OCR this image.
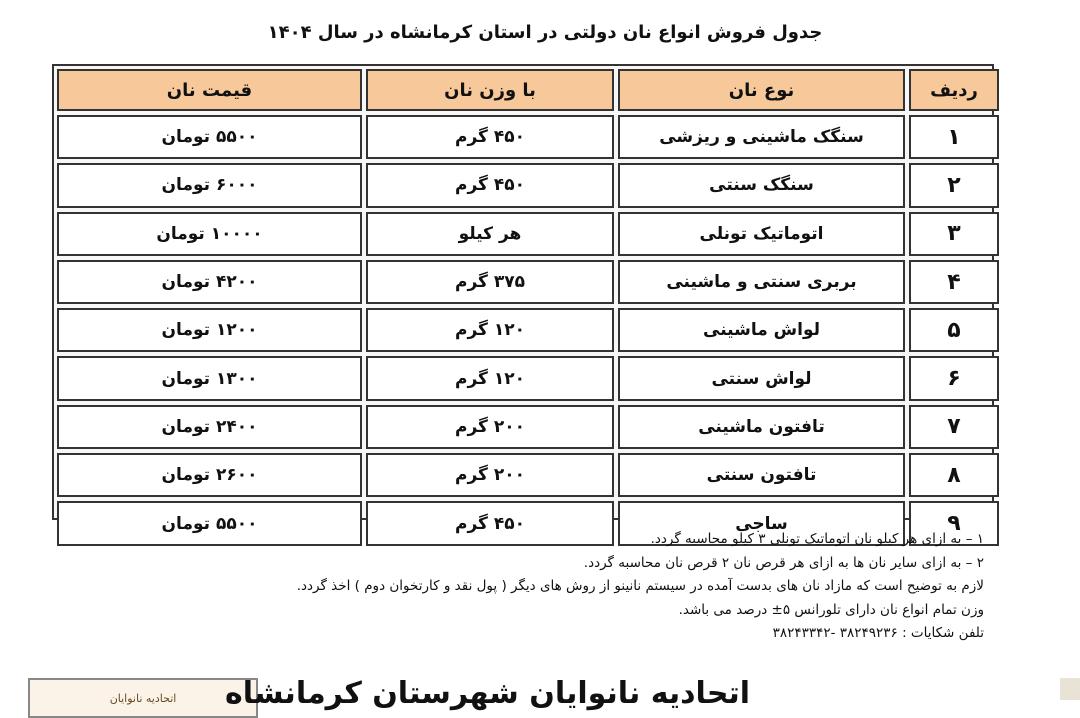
جدول فروش انواع نان دولتی در استان کرمانشاه در سال ۱۴۰۴
قیمت نان	با وزن نان	نوع نان	ردیف
۵۵۰۰ تومان	۴۵۰ گرم	سنگک ماشینی و ریزشی	۱
۶۰۰۰ تومان	۴۵۰ گرم	سنگک سنتی	۲
۱۰۰۰۰ تومان	هر کیلو	اتوماتیک تونلی	۳
۴۲۰۰ تومان	۳۷۵ گرم	بربری سنتی و ماشینی	۴
۱۲۰۰ تومان	۱۲۰ گرم	لواش ماشینی	۵
۱۳۰۰ تومان	۱۲۰ گرم	لواش سنتی	۶
۲۴۰۰ تومان	۲۰۰ گرم	تافتون ماشینی	۷
۲۶۰۰ تومان	۲۰۰ گرم	تافتون سنتی	۸
۵۵۰۰ تومان	۴۵۰ گرم	ساجی	۹
۱ – به ازای هر کیلو نان اتوماتیک تونلی ۳ کیلو محاسبه گردد.
۲ – به ازای سایر نان ها به ازای هر قرص نان ۲ قرص نان محاسبه گردد.
لازم به توضیح است که مازاد نان های بدست آمده در سیستم نانینو از روش های دیگر ( پول نقد و کارتخوان دوم ) اخذ گردد.
وزن تمام انواع نان دارای تلورانس ۵± درصد می باشد.
تلفن شکایات : ۳۸۲۴۹۲۳۶ -۳۸۲۴۳۳۴۲
اتحادیه نانوایان اتحادیه نانوایان شهرستان کرمانشاه
